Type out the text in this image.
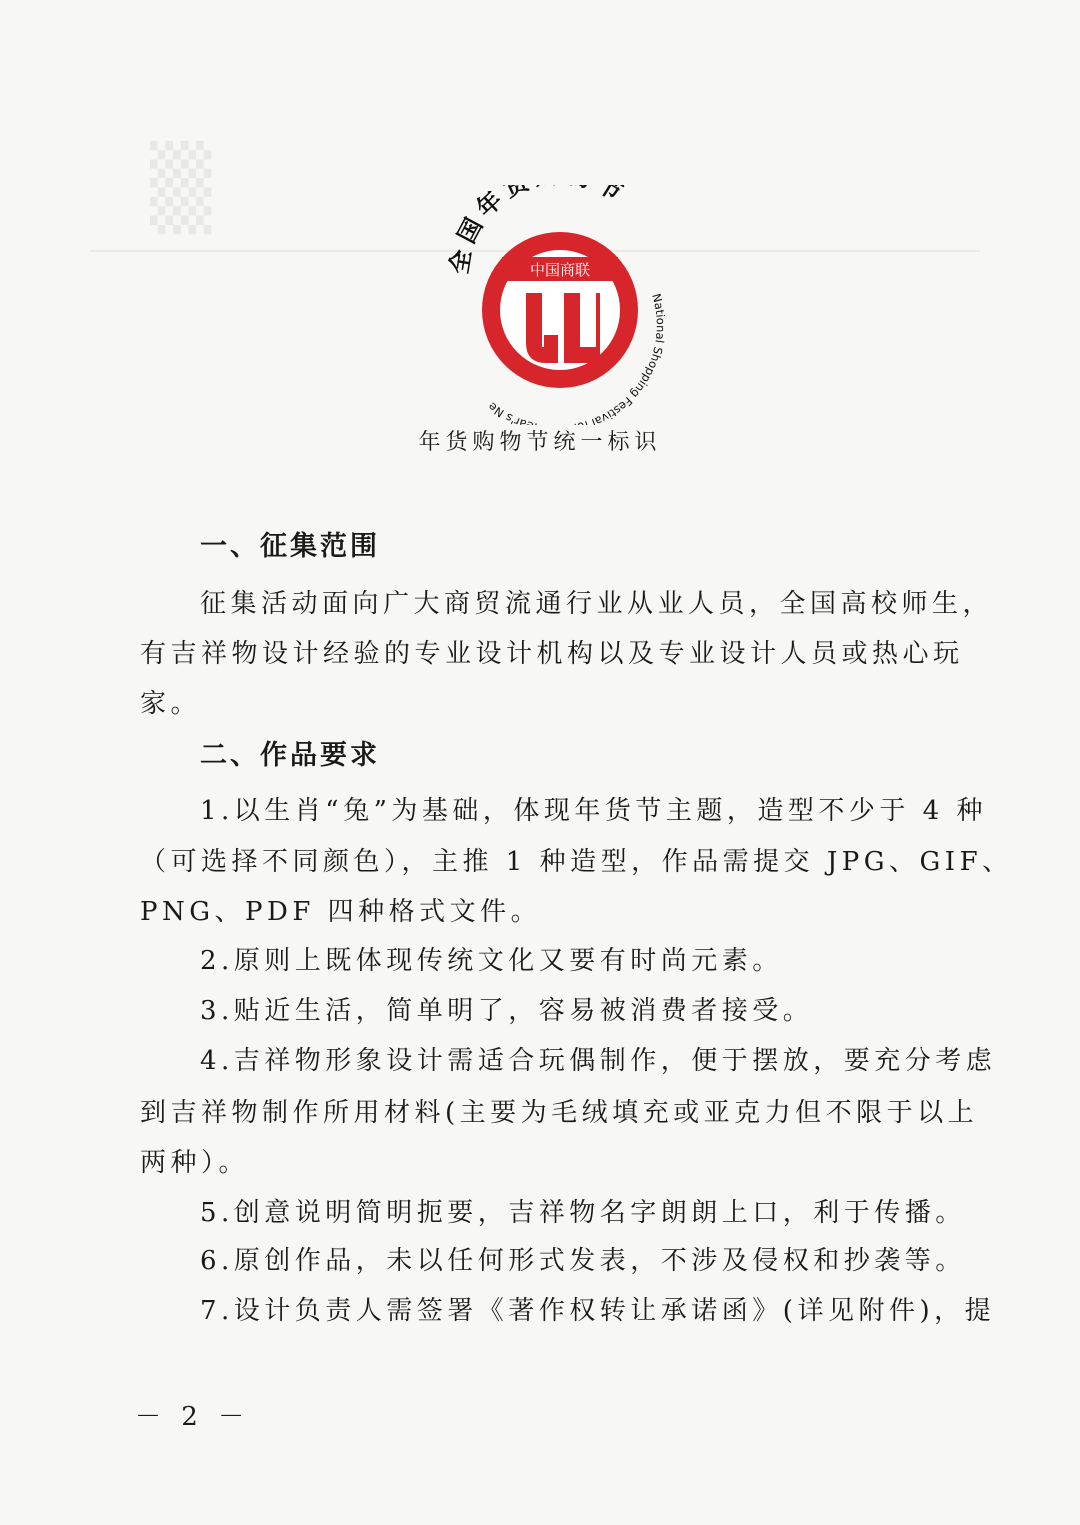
▒
中国商联
全国年 节
National Shopping Festival ar's Ne
年货购物节统一标识
一、征集范围
征集活动面向广大商贸流通行业从业人员，全国高校师生，
有吉祥物设计经验的专业设计机构以及专业设计人员或热心玩
家。
二、作品要求
1.以生肖“兔”为基础，体现年货节主题，造型不少于 4 种
（可选择不同颜色），主推 1 种造型，作品需提交 JPG、GIF、
PNG、PDF 四种格式文件。
2.原则上既体现传统文化又要有时尚元素。
3.贴近生活，简单明了，容易被消费者接受。
4.吉祥物形象设计需适合玩偶制作，便于摆放，要充分考虑
到吉祥物制作所用材料(主要为毛绒填充或亚克力但不限于以上
两种）。
5.创意说明简明扼要，吉祥物名字朗朗上口，利于传播。
6.原创作品，未以任何形式发表，不涉及侵权和抄袭等。
7.设计负责人需签署《著作权转让承诺函》(详见附件)，提
－ 2 －
